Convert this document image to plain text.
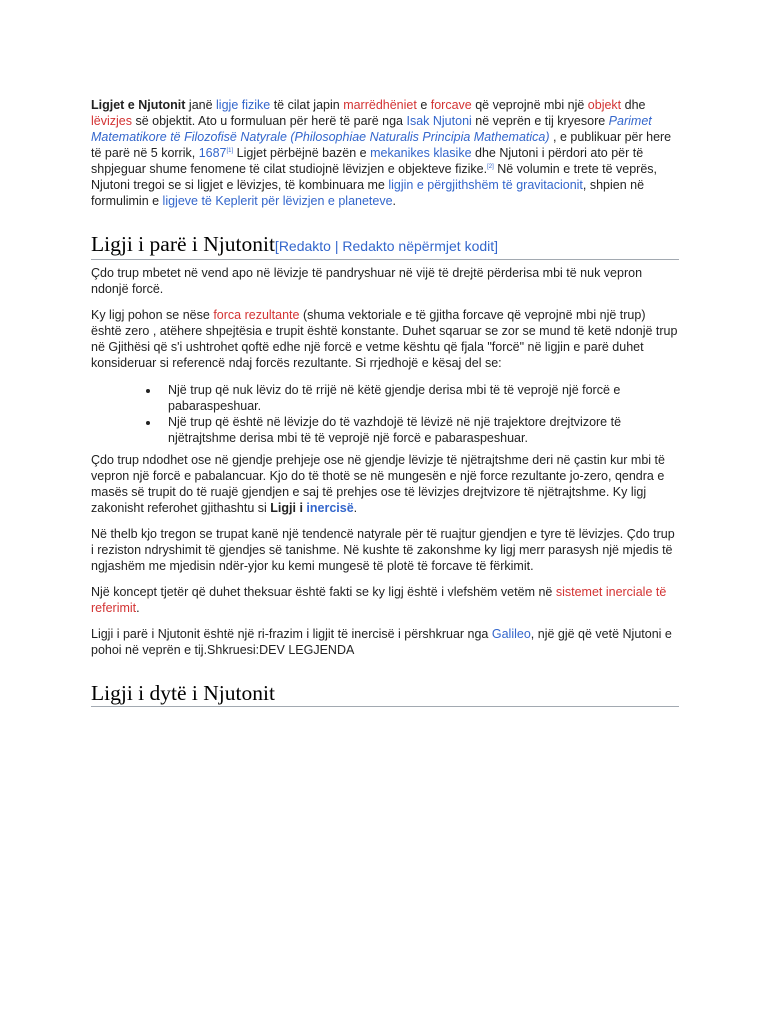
Ligjet e Njutonit janë ligje fizike të cilat japin marrëdhëniet e forcave që veprojnë mbi një objekt dhe lëvizjes së objektit. Ato u formuluan për herë të parë nga Isak Njutoni në veprën e tij kryesore Parimet Matematikore të Filozofisë Natyrale (Philosophiae Naturalis Principia Mathematica) , e publikuar për here të parë në 5 korrik, 1687[1] Ligjet përbëjnë bazën e mekanikes klasike dhe Njutoni i përdori ato për të shpjeguar shume fenomene të cilat studiojnë lëvizjen e objekteve fizike.[2] Në volumin e trete të veprës, Njutoni tregoi se si ligjet e lëvizjes, të kombinuara me ligjin e përgjithshëm të gravitacionit, shpien në formulimin e ligjeve të Keplerit për lëvizjen e planeteve.

Ligji i parë i Njutonit[Redakto | Redakto nëpërmjet kodit]

Çdo trup mbetet në vend apo në lëvizje të pandryshuar në vijë të drejtë përderisa mbi të nuk vepron ndonjë forcë.

Ky ligj pohon se nëse forca rezultante (shuma vektoriale e të gjitha forcave që veprojnë mbi një trup) është zero , atëhere shpejtësia e trupit është konstante. Duhet sqaruar se zor se mund të ketë ndonjë trup në Gjithësi që s'i ushtrohet qoftë edhe një forcë e vetme kështu që fjala "forcë" në ligjin e parë duhet konsideruar si referencë ndaj forcës rezultante. Si rrjedhojë e kësaj del se:

• Një trup që nuk lëviz do të rrijë në këtë gjendje derisa mbi të të veprojë një forcë e pabaraspeshuar.
• Një trup që është në lëvizje do të vazhdojë të lëvizë në një trajektore drejtvizore të njëtrajtshme derisa mbi të të veprojë një forcë e pabaraspeshuar.

Çdo trup ndodhet ose në gjendje prehjeje ose në gjendje lëvizje të njëtrajtshme deri në çastin kur mbi të vepron një forcë e pabalancuar. Kjo do të thotë se në mungesën e një force rezultante jo-zero, qendra e masës së trupit do të ruajë gjendjen e saj të prehjes ose të lëvizjes drejtvizore të njëtrajtshme. Ky ligj zakonisht referohet gjithashtu si Ligji i inercisë.

Në thelb kjo tregon se trupat kanë një tendencë natyrale për të ruajtur gjendjen e tyre të lëvizjes. Çdo trup i reziston ndryshimit të gjendjes së tanishme. Në kushte të zakonshme ky ligj merr parasysh një mjedis të ngjashëm me mjedisin ndër-yjor ku kemi mungesë të plotë të forcave të fërkimit.

Një koncept tjetër që duhet theksuar është fakti se ky ligj është i vlefshëm vetëm në sistemet inerciale të referimit.

Ligji i parë i Njutonit është një ri-frazim i ligjit të inercisë i përshkruar nga Galileo, një gjë që vetë Njutoni e pohoi në veprën e tij.Shkruesi:DEV LEGJENDA

Ligji i dytë i Njutonit
